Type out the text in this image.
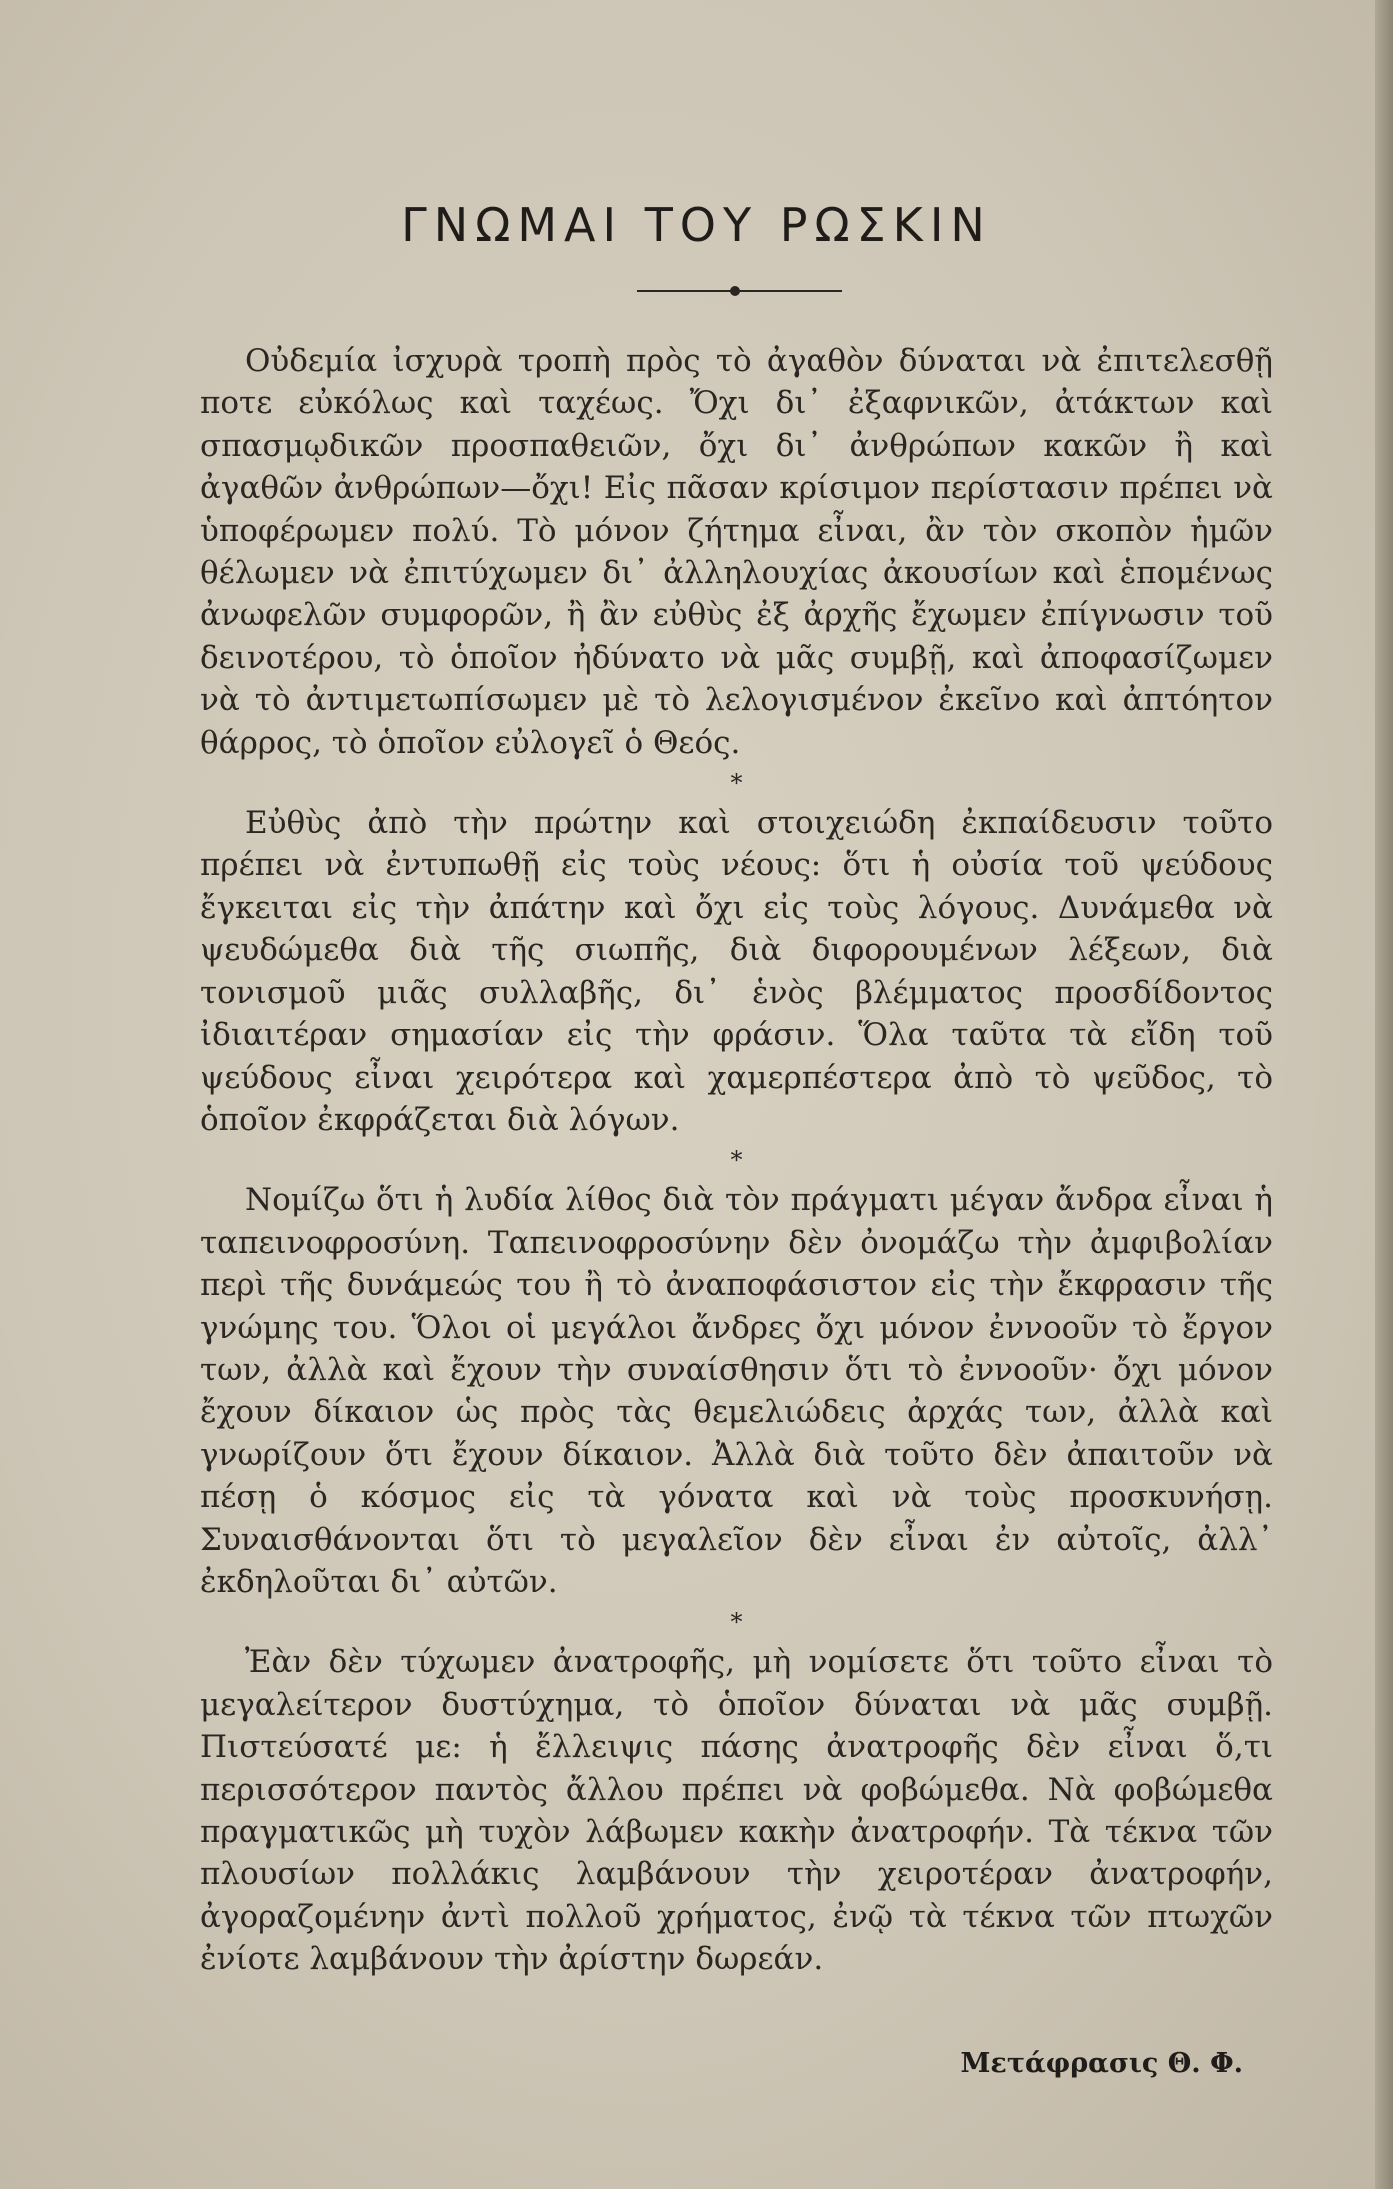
ΓΝΩΜΑΙ ΤΟΥ ΡΩΣΚΙΝ

Οὐδεμία ἰσχυρὰ τροπὴ πρὸς τὸ ἀγαθὸν δύναται νὰ ἐπιτελεσθῇ ποτε εὐκόλως καὶ ταχέως. Ὄχι δι᾽ ἐξαφνικῶν, ἀτάκτων καὶ σπασμῳδικῶν προσπαθειῶν, ὄχι δι᾽ ἀνθρώπων κακῶν ἢ καὶ ἀγαθῶν ἀνθρώπων—ὄχι! Εἰς πᾶσαν κρίσιμον περίστασιν πρέπει νὰ ὑποφέρωμεν πολύ. Τὸ μόνον ζήτημα εἶναι, ἂν τὸν σκοπὸν ἡμῶν θέλωμεν νὰ ἐπιτύχωμεν δι᾽ ἀλληλουχίας ἀκουσίων καὶ ἑπομένως ἀνωφελῶν συμφορῶν, ἢ ἂν εὐθὺς ἐξ ἀρχῆς ἔχωμεν ἐπίγνωσιν τοῦ δεινοτέρου, τὸ ὁποῖον ἠδύνατο νὰ μᾶς συμβῇ, καὶ ἀποφασίζωμεν νὰ τὸ ἀντιμετωπίσωμεν μὲ τὸ λελογισμένον ἐκεῖνο καὶ ἀπτόητον θάρρος, τὸ ὁποῖον εὐλογεῖ ὁ Θεός.

*

Εὐθὺς ἀπὸ τὴν πρώτην καὶ στοιχειώδη ἐκπαίδευσιν τοῦτο πρέπει νὰ ἐντυπωθῇ εἰς τοὺς νέους: ὅτι ἡ οὐσία τοῦ ψεύδους ἔγκειται εἰς τὴν ἀπάτην καὶ ὄχι εἰς τοὺς λόγους. Δυνάμεθα νὰ ψευδώμεθα διὰ τῆς σιωπῆς, διὰ διφορουμένων λέξεων, διὰ τονισμοῦ μιᾶς συλλαβῆς, δι᾽ ἑνὸς βλέμματος προσδίδοντος ἰδιαιτέραν σημασίαν εἰς τὴν φράσιν. Ὅλα ταῦτα τὰ εἴδη τοῦ ψεύδους εἶναι χειρότερα καὶ χαμερπέστερα ἀπὸ τὸ ψεῦδος, τὸ ὁποῖον ἐκφράζεται διὰ λόγων.

*

Νομίζω ὅτι ἡ λυδία λίθος διὰ τὸν πράγματι μέγαν ἄνδρα εἶναι ἡ ταπεινοφροσύνη. Ταπεινοφροσύνην δὲν ὀνομάζω τὴν ἀμφιβολίαν περὶ τῆς δυνάμεώς του ἢ τὸ ἀναποφάσιστον εἰς τὴν ἔκφρασιν τῆς γνώμης του. Ὅλοι οἱ μεγάλοι ἄνδρες ὄχι μόνον ἐννοοῦν τὸ ἔργον των, ἀλλὰ καὶ ἔχουν τὴν συναίσθησιν ὅτι τὸ ἐννοοῦν· ὄχι μόνον ἔχουν δίκαιον ὡς πρὸς τὰς θεμελιώδεις ἀρχάς των, ἀλλὰ καὶ γνωρίζουν ὅτι ἔχουν δίκαιον. Ἀλλὰ διὰ τοῦτο δὲν ἀπαιτοῦν νὰ πέσῃ ὁ κόσμος εἰς τὰ γόνατα καὶ νὰ τοὺς προσκυνήσῃ. Συναισθάνονται ὅτι τὸ μεγαλεῖον δὲν εἶναι ἐν αὐτοῖς, ἀλλ᾽ ἐκδηλοῦται δι᾽ αὐτῶν.

*

Ἐὰν δὲν τύχωμεν ἀνατροφῆς, μὴ νομίσετε ὅτι τοῦτο εἶναι τὸ μεγαλείτερον δυστύχημα, τὸ ὁποῖον δύναται νὰ μᾶς συμβῇ. Πιστεύσατέ με: ἡ ἔλλειψις πάσης ἀνατροφῆς δὲν εἶναι ὅ,τι περισσότερον παντὸς ἄλλου πρέπει νὰ φοβώμεθα. Νὰ φοβώμεθα πραγματικῶς μὴ τυχὸν λάβωμεν κακὴν ἀνατροφήν. Τὰ τέκνα τῶν πλουσίων πολλάκις λαμβάνουν τὴν χειροτέραν ἀνατροφήν, ἀγοραζομένην ἀντὶ πολλοῦ χρήματος, ἐνῷ τὰ τέκνα τῶν πτωχῶν ἐνίοτε λαμβάνουν τὴν ἀρίστην δωρεάν.

Μετάφρασις Θ. Φ.
